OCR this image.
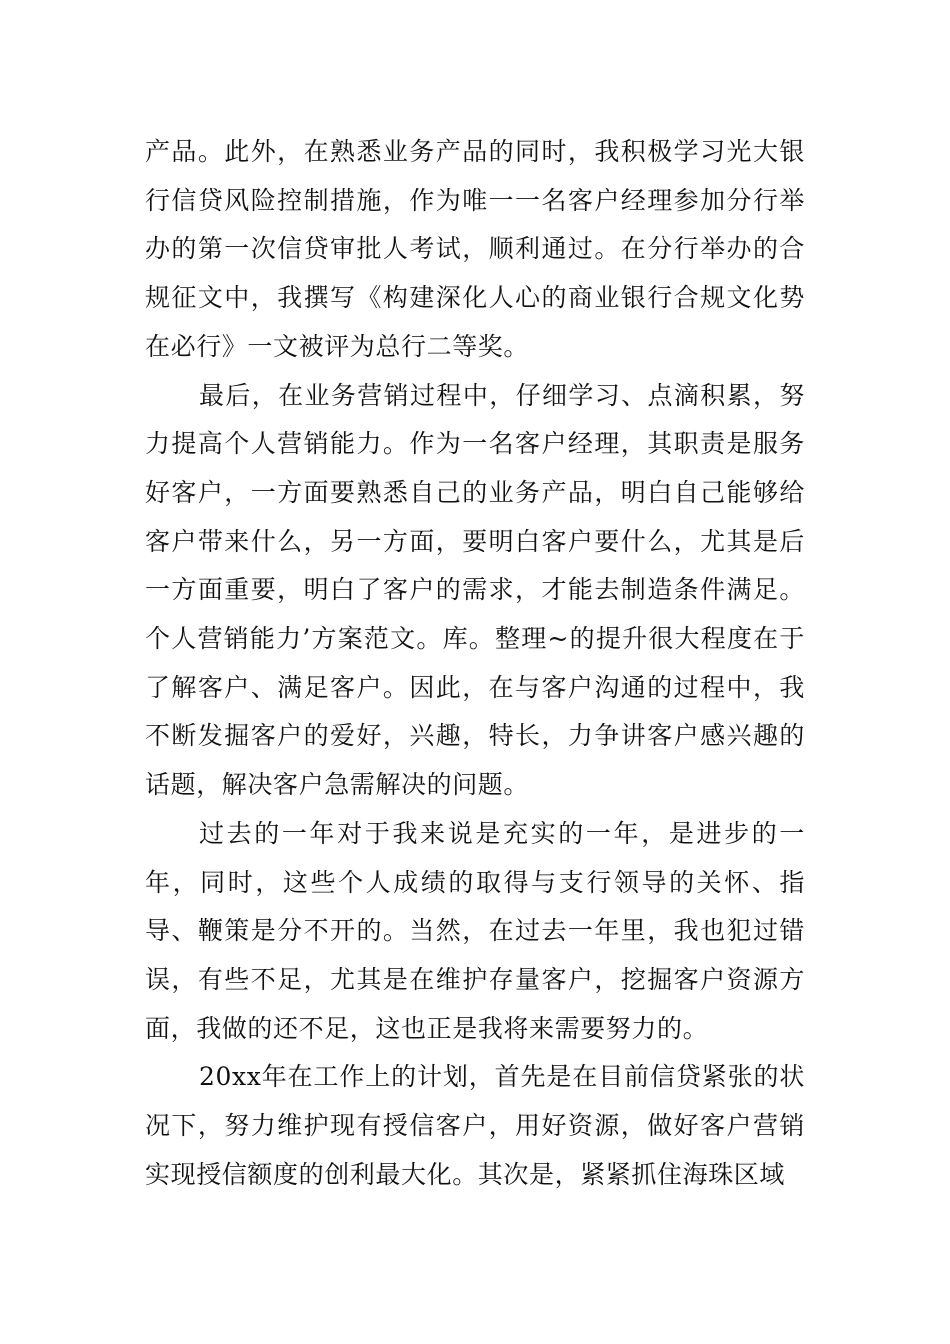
产品。此外，在熟悉业务产品的同时，我积极学习光大银行信贷风险控制措施，作为唯一一名客户经理参加分行举办的第一次信贷审批人考试，顺利通过。在分行举办的合规征文中，我撰写《构建深化人心的商业银行合规文化势在必行》一文被评为总行二等奖。

最后，在业务营销过程中，仔细学习、点滴积累，努力提高个人营销能力。作为一名客户经理，其职责是服务好客户，一方面要熟悉自己的业务产品，明白自己能够给客户带来什么，另一方面，要明白客户要什么，尤其是后一方面重要，明白了客户的需求，才能去制造条件满足。个人营销能力’方案范文。库。整理~的提升很大程度在于了解客户、满足客户。因此，在与客户沟通的过程中，我不断发掘客户的爱好，兴趣，特长，力争讲客户感兴趣的话题，解决客户急需解决的问题。

过去的一年对于我来说是充实的一年，是进步的一年，同时，这些个人成绩的取得与支行领导的关怀、指导、鞭策是分不开的。当然，在过去一年里，我也犯过错误，有些不足，尤其是在维护存量客户，挖掘客户资源方面，我做的还不足，这也正是我将来需要努力的。

20xx年在工作上的计划，首先是在目前信贷紧张的状况下，努力维护现有授信客户，用好资源，做好客户营销实现授信额度的创利最大化。其次是，紧紧抓住海珠区域
